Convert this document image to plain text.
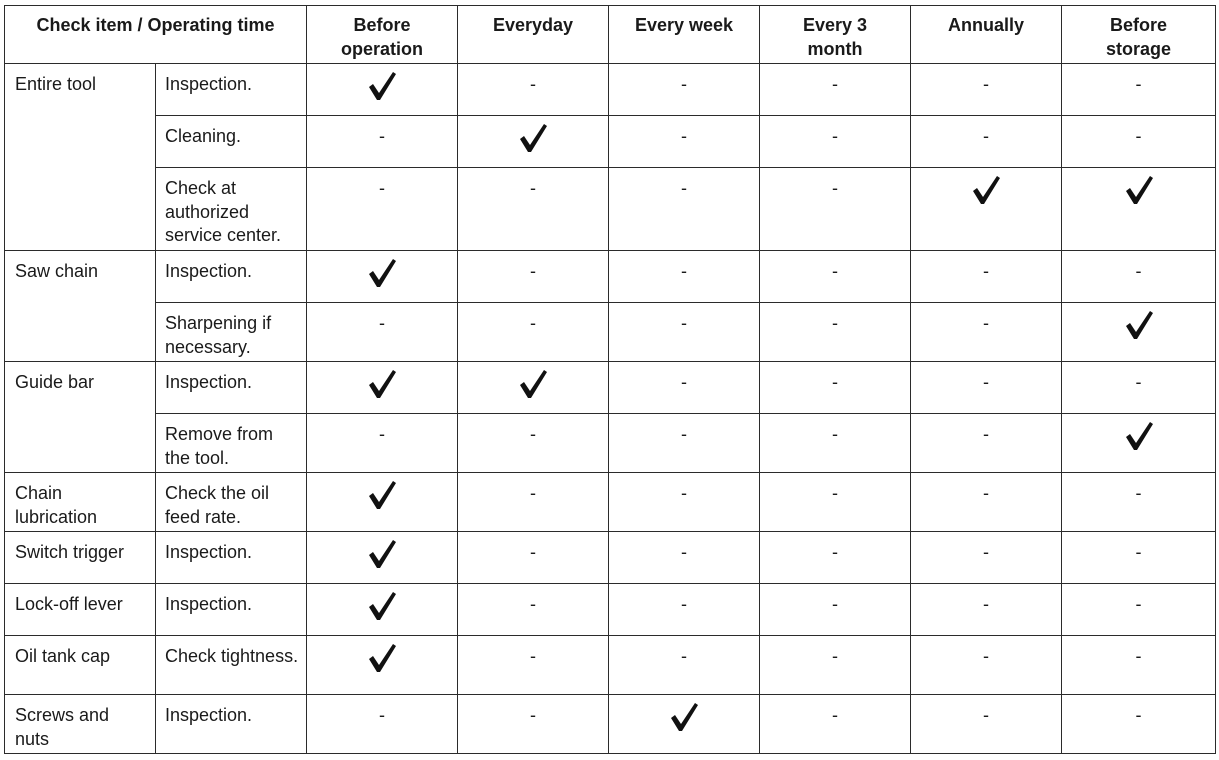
Check item / Operating time		Before operation	Everyday	Every week	Every 3 month	Annually	Before storage
Entire tool	Inspection.		-	-	-	-	-
	Cleaning.	-		-	-	-	-
	Check at authorized service center.	-	-	-	-	

Saw chain	Inspection.		-	-	-	-	-
	Sharpening if necessary.	-	-	-	-	-	

Guide bar	Inspection.			-	-	-	-
	Remove from the tool.	-	-	-	-	-	

Chain lubrication	Check the oil feed rate.		-	-	-	-	-
Switch trigger	Inspection.		-	-	-	-	-
Lock-off lever	Inspection.		-	-	-	-	-
Oil tank cap	Check tightness.		-	-	-	-	-
Screws and nuts	Inspection.	-	-		-	-	-
